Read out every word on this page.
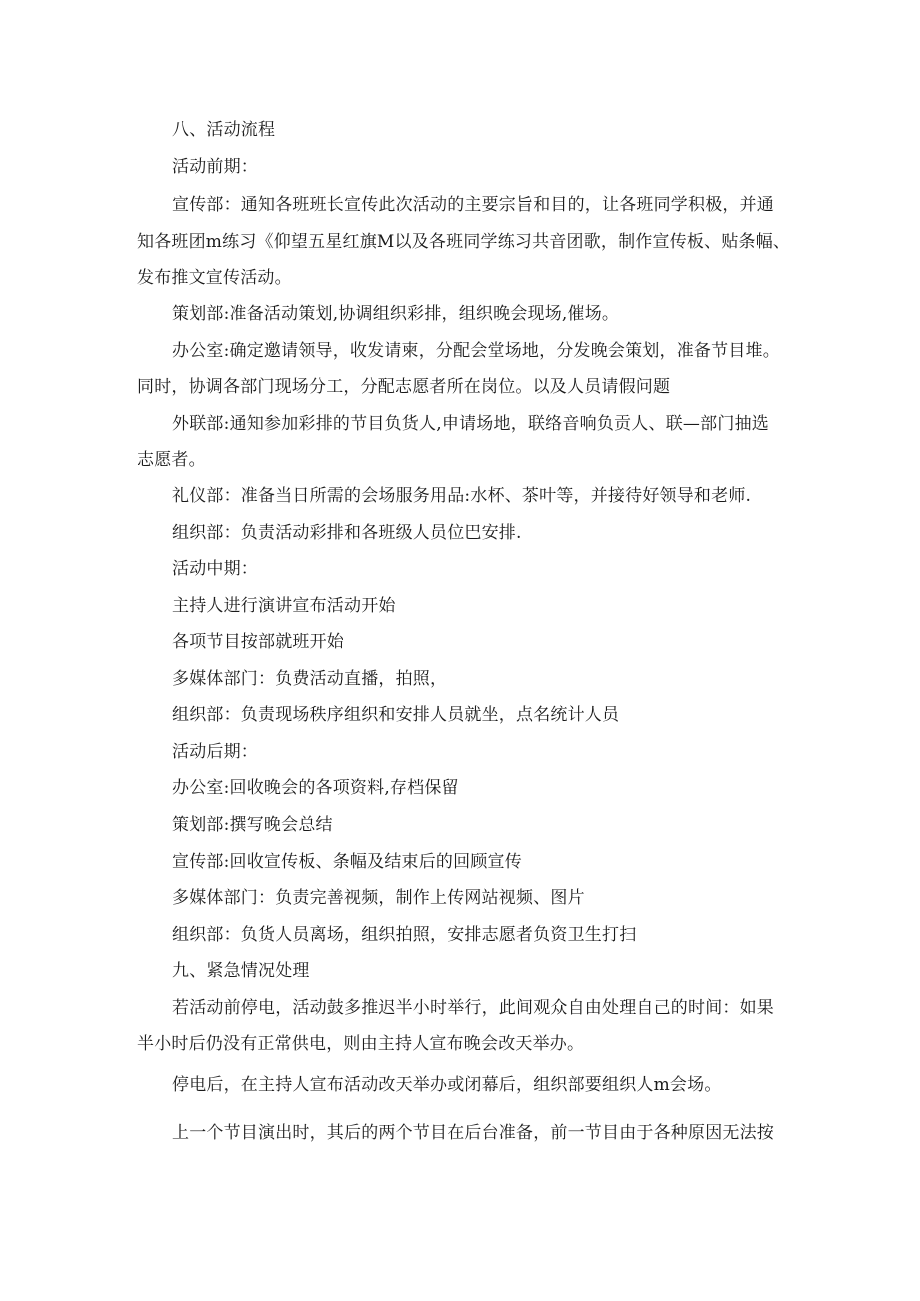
八、活动流程
活动前期：
宣传部：通知各班班长宣传此次活动的主要宗旨和目的，让各班同学积极，并通
知各班团m练习《仰望五星红旗M以及各班同学练习共音团歌，制作宣传板、贴条幅、
发布推文宣传活动。
策划部:准备活动策划,协调组织彩排，组织晚会现场,催场。
办公室:确定邀请领导，收发请柬，分配会堂场地，分发晚会策划，准备节目堆。
同时，协调各部门现场分工，分配志愿者所在岗位。以及人员请假问题
外联部:通知参加彩排的节目负货人,申请场地，联络音响负贡人、联—部门抽选
志愿者。
礼仪部：准备当日所需的会场服务用品:水杯、茶叶等，并接待好领导和老师.
组织部：负责活动彩排和各班级人员位巴安排.
活动中期：
主持人进行演讲宣布活动开始
各项节目按部就班开始
多媒体部门：负费活动直播，拍照，
组织部：负责现场秩序组织和安排人员就坐，点名统计人员
活动后期：
办公室:回收晚会的各项资料,存档保留
策划部:撰写晚会总结
宣传部:回收宣传板、条幅及结束后的回顾宣传
多媒体部门：负责完善视频，制作上传网站视频、图片
组织部：负货人员离场，组织拍照，安排志愿者负资卫生打扫
九、紧急情况处理
若活动前停电，活动鼓多推迟半小时举行，此间观众自由处理自己的时间：如果
半小时后仍没有正常供电，则由主持人宣布晚会改天举办。
停电后，在主持人宣布活动改天举办或闭幕后，组织部要组织人m会场。
上一个节目演出时，其后的两个节目在后台准备，前一节目由于各种原因无法按
